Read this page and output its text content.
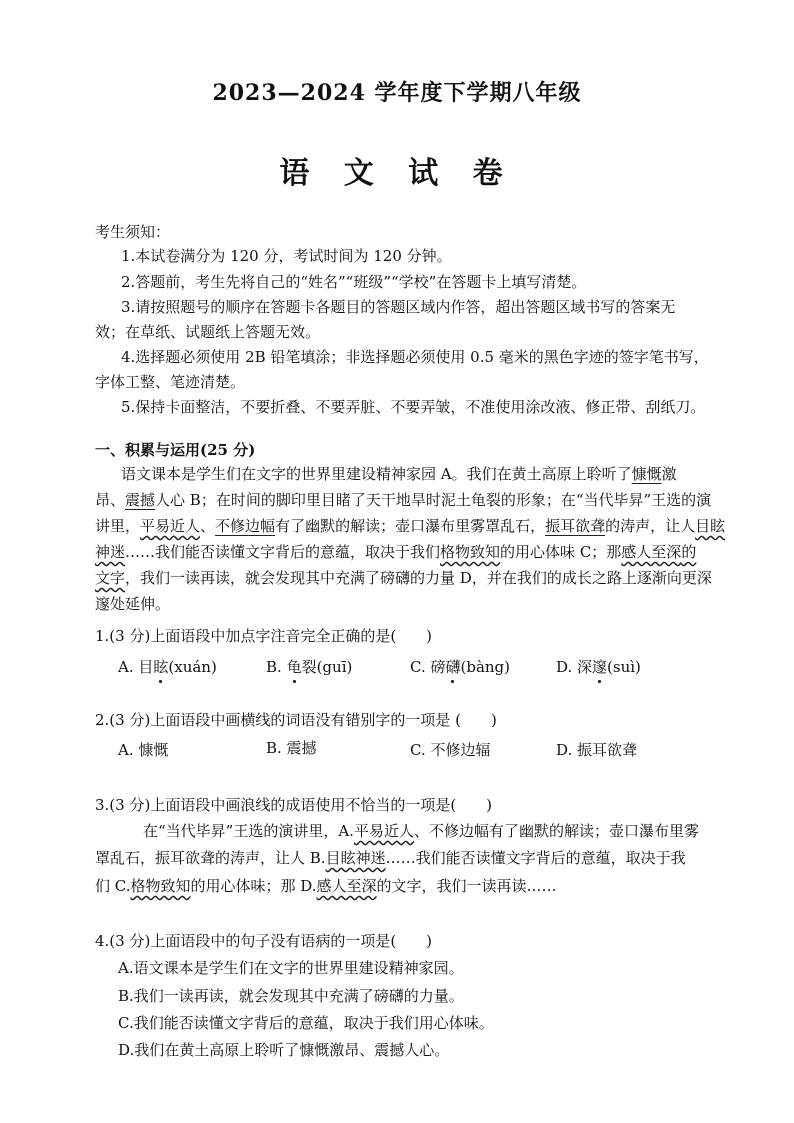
2023—2024 学年度下学期八年级
语 文 试 卷
考生须知：
1.本试卷满分为 120 分，考试时间为 120 分钟。
2.答题前，考生先将自己的“姓名”“班级”“学校”在答题卡上填写清楚。
3.请按照题号的顺序在答题卡各题目的答题区域内作答，超出答题区域书写的答案无
效；在草纸、试题纸上答题无效。
4.选择题必须使用 2B 铅笔填涂；非选择题必须使用 0.5 毫米的黑色字迹的签字笔书写，
字体工整、笔迹清楚。
5.保持卡面整洁，不要折叠、不要弄脏、不要弄皱，不准使用涂改液、修正带、刮纸刀。
一、积累与运用(25 分)
语文课本是学生们在文字的世界里建设精神家园 A。我们在黄土高原上聆听了慷慨激
昂、震撼人心 B；在时间的脚印里目睹了天干地旱时泥土龟裂的形象；在“当代毕昇”王选的演
讲里，平易近人、不修边幅有了幽默的解读；壶口瀑布里雾罩乱石，振耳欲聋的涛声，让人目眩
神迷……我们能否读懂文字背后的意蕴，取决于我们格物致知的用心体味 C；那感人至深的
文字，我们一读再读，就会发现其中充满了磅礴的力量 D，并在我们的成长之路上逐渐向更深
邃处延伸。
1.(3 分)上面语段中加点字注音完全正确的是(　　)
A. 目眩(xuán)	B. 龟裂(guī)	C. 磅礴(bàng)	D. 深邃(suì)
2.(3 分)上面语段中画横线的词语没有错别字的一项是 (　　)
A. 慷慨	B. 震撼	C. 不修边辐	D. 振耳欲聋
3.(3 分)上面语段中画浪线的成语使用不恰当的一项是(　　)
在“当代毕昇”王选的演讲里，A.平易近人、不修边幅有了幽默的解读；壶口瀑布里雾
罩乱石，振耳欲聋的涛声，让人 B.目眩神迷……我们能否读懂文字背后的意蕴，取决于我
们 C.格物致知的用心体味；那 D.感人至深的文字，我们一读再读……
4.(3 分)上面语段中的句子没有语病的一项是(　　)
A.语文课本是学生们在文字的世界里建设精神家园。
B.我们一读再读，就会发现其中充满了磅礴的力量。
C.我们能否读懂文字背后的意蕴，取决于我们用心体味。
D.我们在黄土高原上聆听了慷慨激昂、震撼人心。
